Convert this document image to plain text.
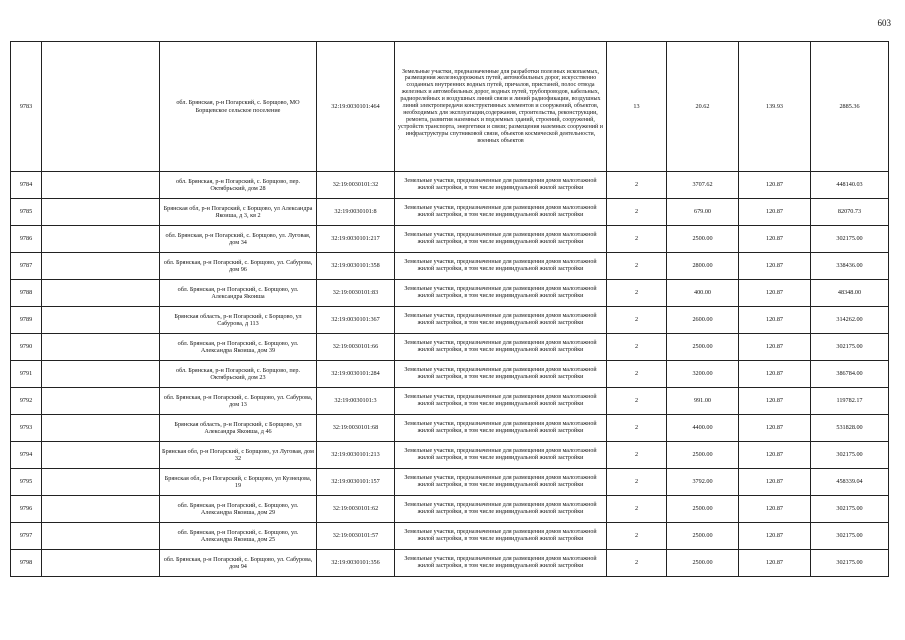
603
9783		обл. Брянская, р-н Погарский, с. Борщово, МО Борщевское сельское поселение	32:19:0030101:464	Земельные участки, предназначенные для разработки полезных ископаемых, размещения железнодорожных путей, автомобильных дорог, искусственно созданных внутренних водных путей, причалов, пристаней, полос отвода железных и автомобильных дорог, водных путей, трубопроводов, кабельных, радиорелейных и воздушных линий связи и линий радиофикации, воздушных линий электропередачи конструктивных элементов и сооружений, объектов, необходимых для эксплуатации,содержания, строительства, реконструкции, ремонта, развития наземных и подземных зданий, строений, сооружений, устройств транспорта, энергетики и связи; размещения наземных сооружений и инфраструктуры спутниковой связи, объектов космической деятельности, военных объектов	13	20.62	139.93	2885.36
9784		обл. Брянская, р-н Погарский, с. Борщово, пер. Октябрьский, дом 28	32:19:0030101:32	Земельные участки, предназначенные для размещения домов малоэтажной жилой застройки, в том числе индивидуальной жилой застройки	2	3707.62	120.87	448140.03
9785		Брянская обл, р-н Погарский, с Борщово, ул Александра Якоиша, д 3, кв 2	32:19:0030101:8	Земельные участки, предназначенные для размещения домов малоэтажной жилой застройки, в том числе индивидуальной жилой застройки	2	679.00	120.87	82070.73
9786		обл. Брянская, р-н Погарский, с. Борщово, ул. Луговая, дом 34	32:19:0030101:217	Земельные участки, предназначенные для размещения домов малоэтажной жилой застройки, в том числе индивидуальной жилой застройки	2	2500.00	120.87	302175.00
9787		обл. Брянская, р-н Погарский, с. Борщово, ул. Сабурова, дом 96	32:19:0030101:358	Земельные участки, предназначенные для размещения домов малоэтажной жилой застройки, в том числе индивидуальной жилой застройки	2	2800.00	120.87	338436.00
9788		обл. Брянская, р-н Погарский, с. Борщово, ул. Александра Якоиша	32:19:0030101:83	Земельные участки, предназначенные для размещения домов малоэтажной жилой застройки, в том числе индивидуальной жилой застройки	2	400.00	120.87	48348.00
9789		Брянская область, р-н Погарский, с Борщово, ул Сабурова, д 113	32:19:0030101:367	Земельные участки, предназначенные для размещения домов малоэтажной жилой застройки, в том числе индивидуальной жилой застройки	2	2600.00	120.87	314262.00
9790		обл. Брянская, р-н Погарский, с. Борщово, ул. Александра Якоиша, дом 39	32:19:0030101:66	Земельные участки, предназначенные для размещения домов малоэтажной жилой застройки, в том числе индивидуальной жилой застройки	2	2500.00	120.87	302175.00
9791		обл. Брянская, р-н Погарский, с. Борщово, пер. Октябрьский, дом 23	32:19:0030101:284	Земельные участки, предназначенные для размещения домов малоэтажной жилой застройки, в том числе индивидуальной жилой застройки	2	3200.00	120.87	386784.00
9792		обл. Брянская, р-н Погарский, с. Борщово, ул. Сабурова, дом 13	32:19:0030101:3	Земельные участки, предназначенные для размещения домов малоэтажной жилой застройки, в том числе индивидуальной жилой застройки	2	991.00	120.87	119782.17
9793		Брянская область, р-н Погарский, с Борщово, ул Александра Якоиша, д 46	32:19:0030101:68	Земельные участки, предназначенные для размещения домов малоэтажной жилой застройки, в том числе индивидуальной жилой застройки	2	4400.00	120.87	531828.00
9794		Брянская обл, р-н Погарский, с Борщово, ул Луговая, дом 32	32:19:0030101:213	Земельные участки, предназначенные для размещения домов малоэтажной жилой застройки, в том числе индивидуальной жилой застройки	2	2500.00	120.87	302175.00
9795		Брянская обл, р-н Погарский, с Борщово, ул Кузнецова, 19	32:19:0030101:157	Земельные участки, предназначенные для размещения домов малоэтажной жилой застройки, в том числе индивидуальной жилой застройки	2	3792.00	120.87	458339.04
9796		обл. Брянская, р-н Погарский, с. Борщово, ул. Александра Якоиша, дом 29	32:19:0030101:62	Земельные участки, предназначенные для размещения домов малоэтажной жилой застройки, в том числе индивидуальной жилой застройки	2	2500.00	120.87	302175.00
9797		обл. Брянская, р-н Погарский, с. Борщово, ул. Александра Якоиша, дом 25	32:19:0030101:57	Земельные участки, предназначенные для размещения домов малоэтажной жилой застройки, в том числе индивидуальной жилой застройки	2	2500.00	120.87	302175.00
9798		обл. Брянская, р-н Погарский, с. Борщово, ул. Сабурова, дом 94	32:19:0030101:356	Земельные участки, предназначенные для размещения домов малоэтажной жилой застройки, в том числе индивидуальной жилой застройки	2	2500.00	120.87	302175.00
